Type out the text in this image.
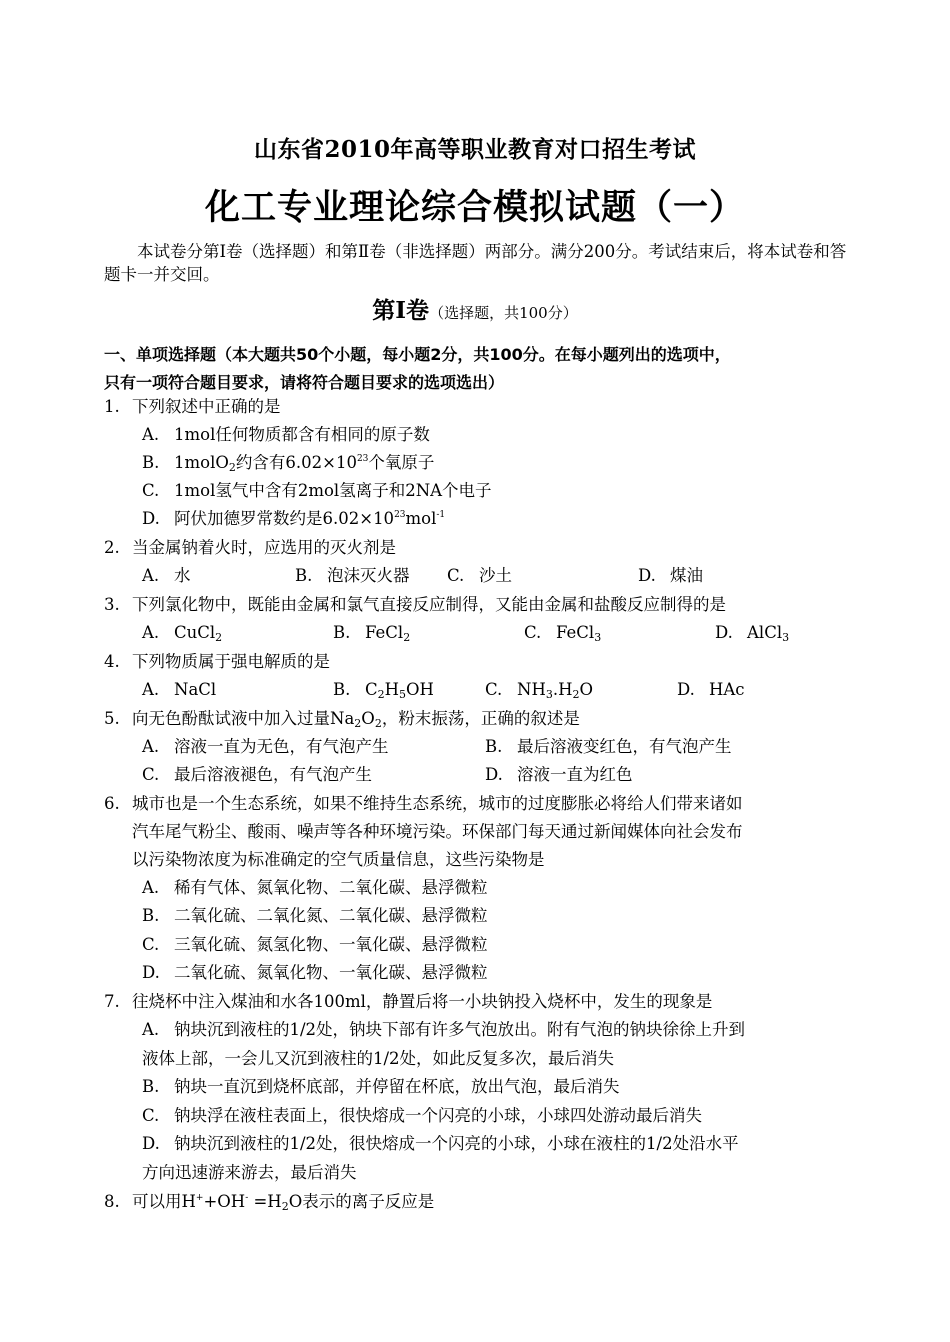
山东省2010年高等职业教育对口招生考试
化工专业理论综合模拟试题（一）
本试卷分第Ⅰ卷（选择题）和第Ⅱ卷（非选择题）两部分。满分200分。考试结束后，将本试卷和答题卡一并交回。
第Ⅰ卷（选择题，共100分）
一、单项选择题（本大题共50个小题，每小题2分，共100分。在每小题列出的选项中，
只有一项符合题目要求，请将符合题目要求的选项选出）
1. 下列叙述中正确的是
A. 1mol任何物质都含有相同的原子数
B. 1molO$_2$约含有$6.02\times 10^{23}$个氧原子
C. 1mol氢气中含有2mol氢离子和2NA个电子
D. 阿伏加德罗常数约是$6.02\times 10^{23}mol^{-1}$
2. 当金属钠着火时，应选用的灭火剂是
A. 水	B. 泡沫灭火器 C. 沙土	D. 煤油
3. 下列氯化物中，既能由金属和氯气直接反应制得，又能由金属和盐酸反应制得的是
A. CuCl$_2$	B. FeCl$_2$	C. FeCl$_3$	D. AlCl$_3$
4. 下列物质属于强电解质的是
A. NaCl	B. $C_2H_5OH$	C. $NH_3.H_2O$	D. HAc
5. 向无色酚酞试液中加入过量$Na_2O_2$，粉末振荡，正确的叙述是
A. 溶液一直为无色，有气泡产生	B. 最后溶液变红色，有气泡产生
C. 最后溶液褪色，有气泡产生	D. 溶液一直为红色
6. 城市也是一个生态系统，如果不维持生态系统，城市的过度膨胀必将给人们带来诸如
汽车尾气粉尘、酸雨、噪声等各种环境污染。环保部门每天通过新闻媒体向社会发布
以污染物浓度为标准确定的空气质量信息，这些污染物是
A. 稀有气体、氮氧化物、二氧化碳、悬浮微粒
B. 二氧化硫、二氧化氮、二氧化碳、悬浮微粒
C. 三氧化硫、氮氢化物、一氧化碳、悬浮微粒
D. 二氧化硫、氮氧化物、一氧化碳、悬浮微粒
7. 往烧杯中注入煤油和水各100ml，静置后将一小块钠投入烧杯中，发生的现象是
A. 钠块沉到液柱的1/2处，钠块下部有许多气泡放出。附有气泡的钠块徐徐上升到
液体上部，一会儿又沉到液柱的1/2处，如此反复多次，最后消失
B. 钠块一直沉到烧杯底部，并停留在杯底，放出气泡，最后消失
C. 钠块浮在液柱表面上，很快熔成一个闪亮的小球，小球四处游动最后消失
D. 钠块沉到液柱的1/2处，很快熔成一个闪亮的小球，小球在液柱的1/2处沿水平
方向迅速游来游去，最后消失
8. 可以用$H^++OH^- =H_2O$表示的离子反应是
